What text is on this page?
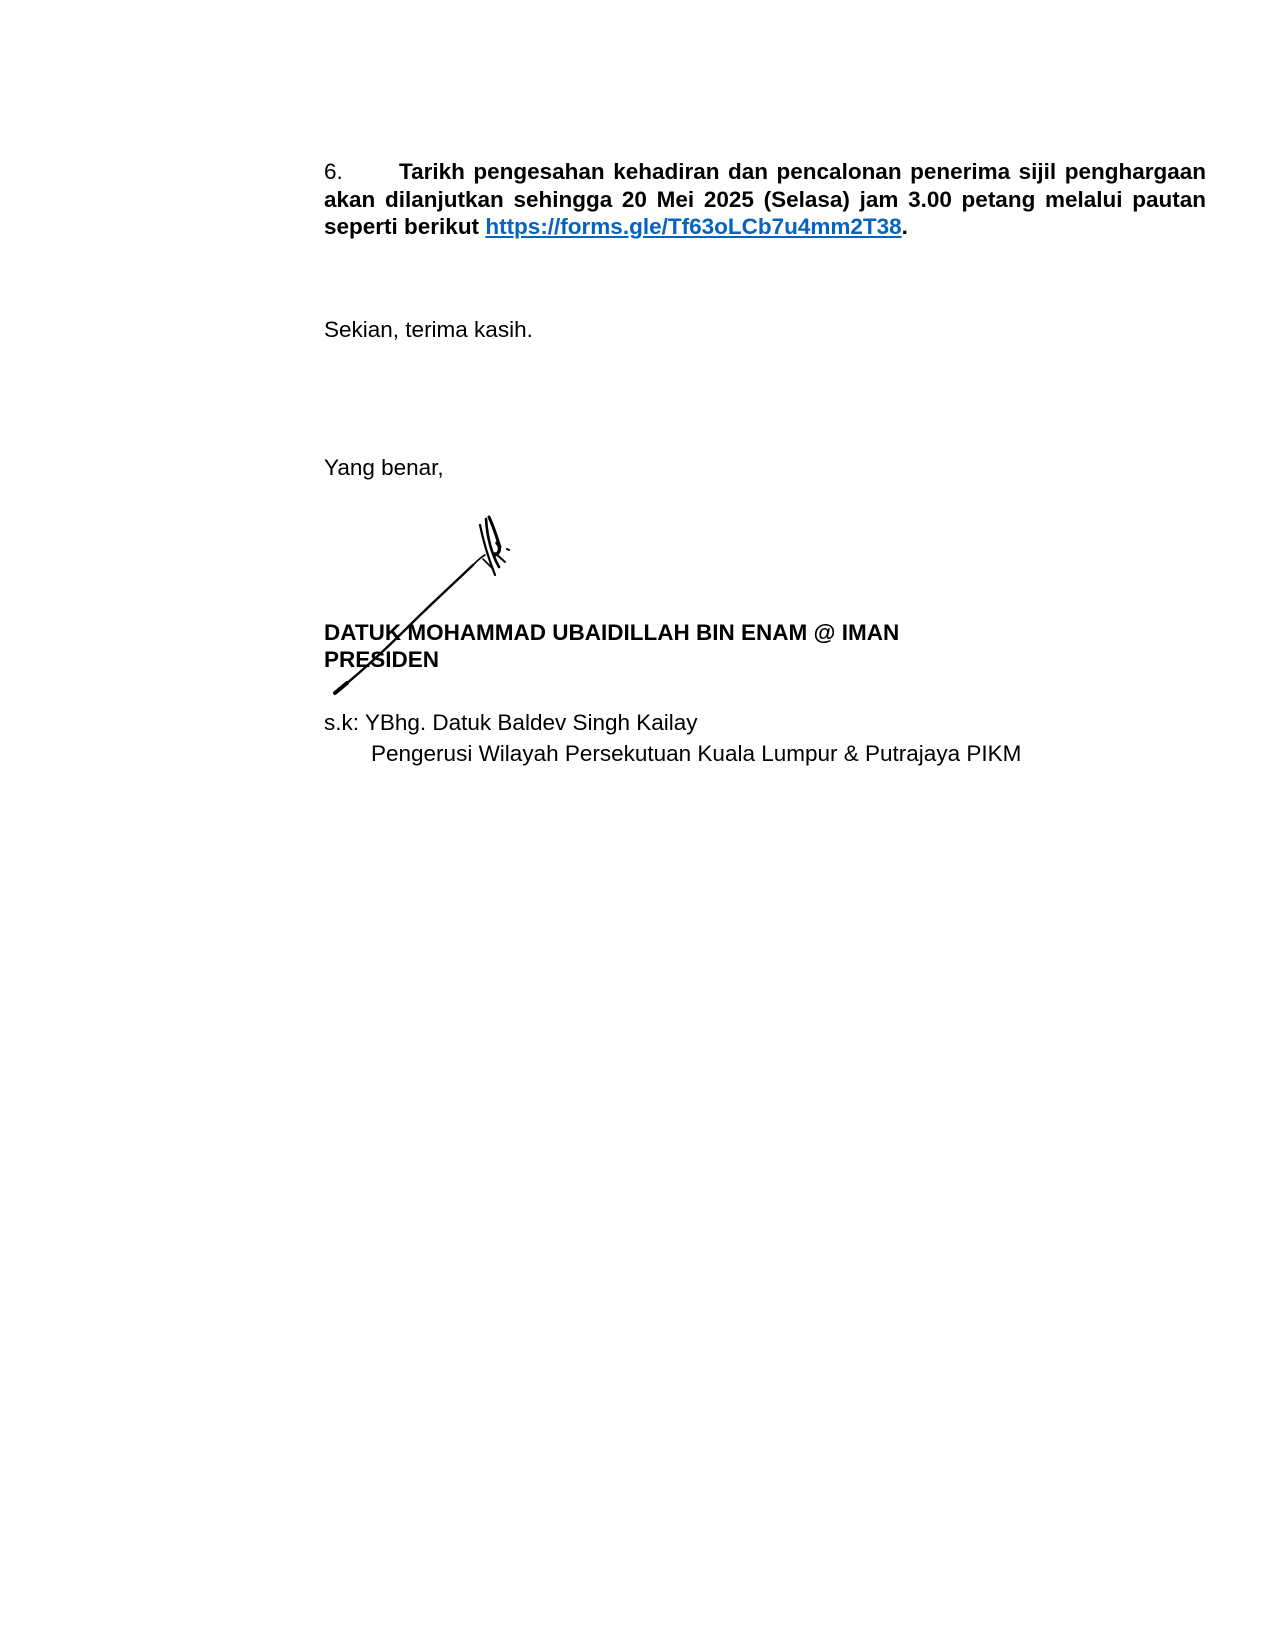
6. Tarikh pengesahan kehadiran dan pencalonan penerima sijil penghargaan akan dilanjutkan sehingga 20 Mei 2025 (Selasa) jam 3.00 petang melalui pautan seperti berikut https://forms.gle/Tf63oLCb7u4mm2T38.

Sekian, terima kasih.

Yang benar,

DATUK MOHAMMAD UBAIDILLAH BIN ENAM @ IMAN

PRESIDEN

s.k: YBhg. Datuk Baldev Singh Kailay

Pengerusi Wilayah Persekutuan Kuala Lumpur & Putrajaya PIKM
